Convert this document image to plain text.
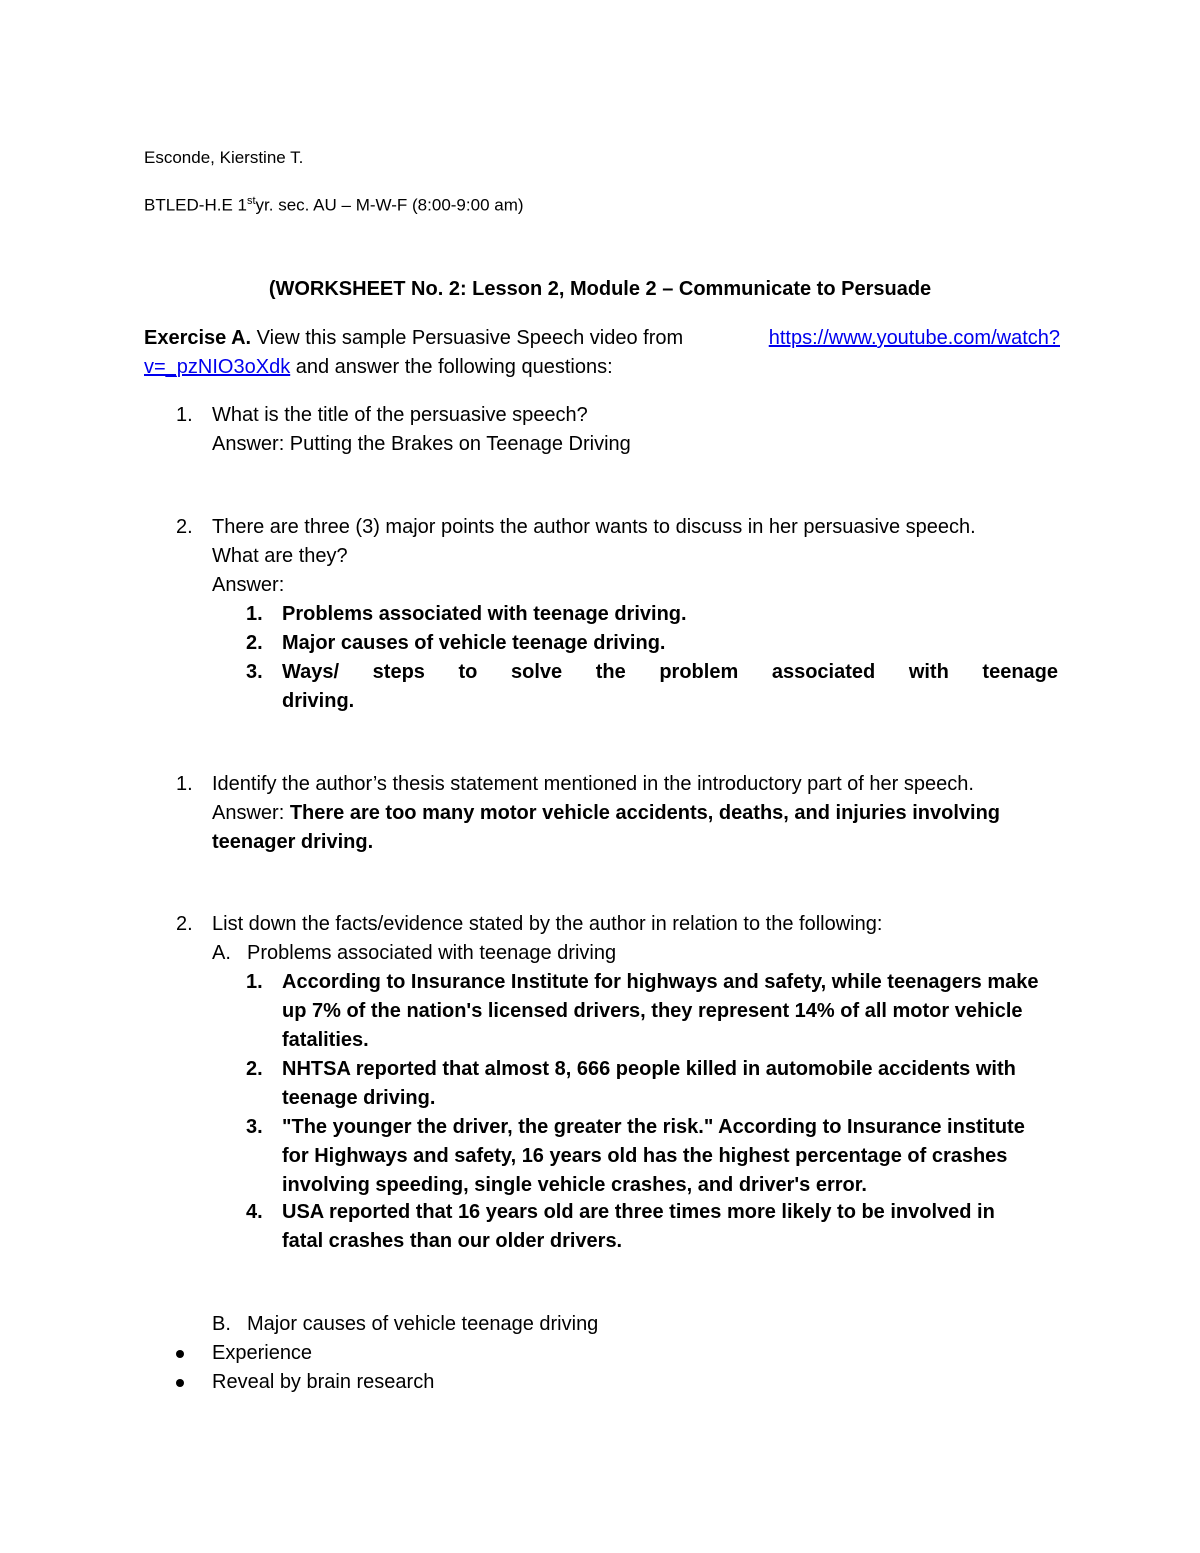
Esconde, Kierstine T.

BTLED-H.E 1styr. sec. AU – M-W-F (8:00-9:00 am)

(WORKSHEET No. 2: Lesson 2, Module 2 – Communicate to Persuade

Exercise A. View this sample Persuasive Speech video from	https://www.youtube.com/watch?

v=_pzNIO3oXdk and answer the following questions:

1. What is the title of the persuasive speech?

Answer: Putting the Brakes on Teenage Driving

2. There are three (3) major points the author wants to discuss in her persuasive speech.

What are they?

Answer:

1. Problems associated with teenage driving.
2. Major causes of vehicle teenage driving.
3. Ways/ steps to solve the problem associated with teenage

driving.

1. Identify the author’s thesis statement mentioned in the introductory part of her speech.

Answer: There are too many motor vehicle accidents, deaths, and injuries involving

teenager driving.

2. List down the facts/evidence stated by the author in relation to the following:
A. Problems associated with teenage driving
1. According to Insurance Institute for highways and safety, while teenagers make
up 7% of the nation's licensed drivers, they represent 14% of all motor vehicle
fatalities.
2. NHTSA reported that almost 8, 666 people killed in automobile accidents with
teenage driving.
3. "The younger the driver, the greater the risk." According to Insurance institute
for Highways and safety, 16 years old has the highest percentage of crashes
involving speeding, single vehicle crashes, and driver's error.
4. USA reported that 16 years old are three times more likely to be involved in
fatal crashes than our older drivers.
B. Major causes of vehicle teenage driving

Experience

Reveal by brain research
